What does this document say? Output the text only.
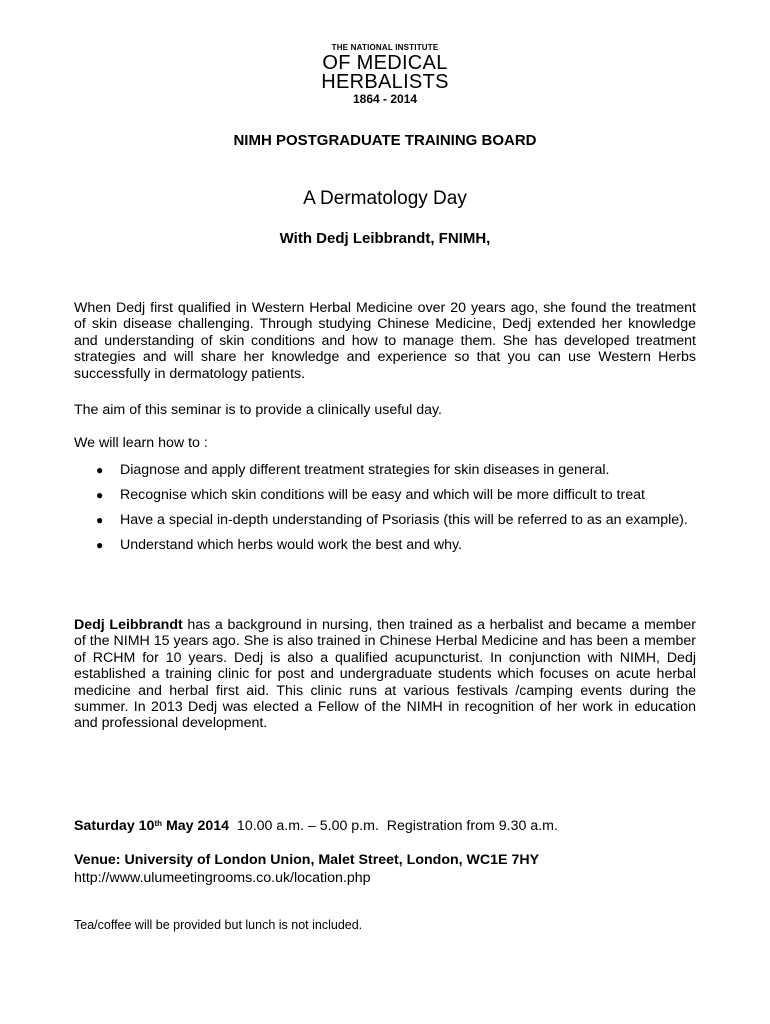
THE NATIONAL INSTITUTE
OF MEDICAL
HERBALISTS
1864 - 2014
NIMH POSTGRADUATE TRAINING BOARD
A Dermatology Day
With Dedj Leibbrandt, FNIMH,

When Dedj first qualified in Western Herbal Medicine over 20 years ago, she found the treatment of skin disease challenging. Through studying Chinese Medicine, Dedj extended her knowledge and understanding of skin conditions and how to manage them. She has developed treatment strategies and will share her knowledge and experience so that you can use Western Herbs successfully in dermatology patients.

The aim of this seminar is to provide a clinically useful day.

We will learn how to :

● Diagnose and apply different treatment strategies for skin diseases in general.
● Recognise which skin conditions will be easy and which will be more difficult to treat
● Have a special in-depth understanding of Psoriasis (this will be referred to as an example).
● Understand which herbs would work the best and why.

Dedj Leibbrandt has a background in nursing, then trained as a herbalist and became a member of the NIMH 15 years ago. She is also trained in Chinese Herbal Medicine and has been a member of RCHM for 10 years. Dedj is also a qualified acupuncturist. In conjunction with NIMH, Dedj established a training clinic for post and undergraduate students which focuses on acute herbal medicine and herbal first aid. This clinic runs at various festivals /camping events during the summer. In 2013 Dedj was elected a Fellow of the NIMH in recognition of her work in education and professional development.

Saturday 10th May 2014  10.00 a.m. – 5.00 p.m.  Registration from 9.30 a.m.
Venue: University of London Union, Malet Street, London, WC1E 7HY
http://www.ulumeetingrooms.co.uk/location.php
Tea/coffee will be provided but lunch is not included.
